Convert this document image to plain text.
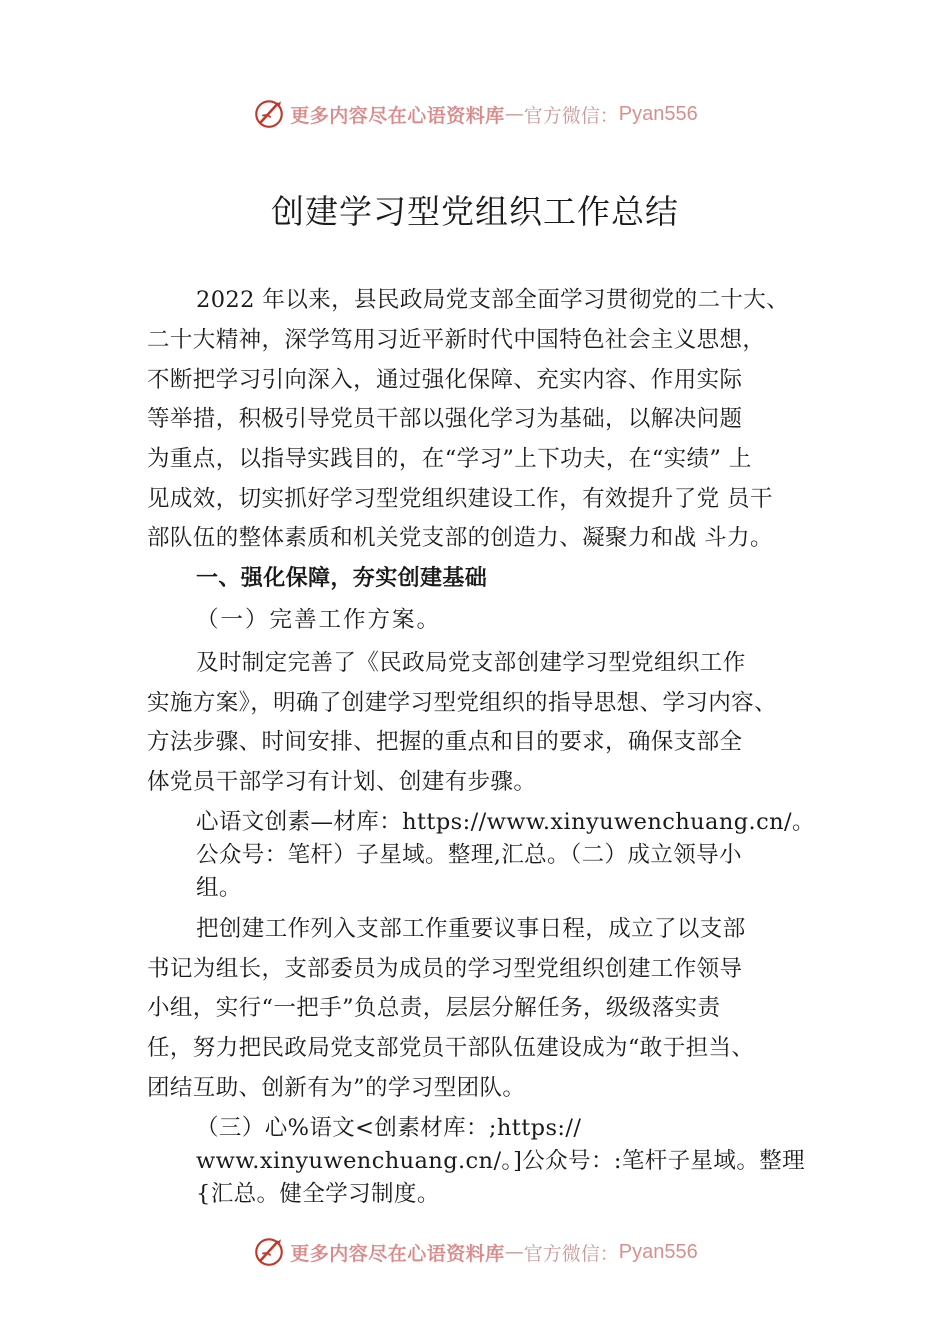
更多内容尽在心语资料库 — 官方微信： Pyan556
创建学习型党组织工作总结
2022 年以来，县民政局党支部全面学习贯彻党的二十大、
二十大精神，深学笃用习近平新时代中国特色社会主义思想，
不断把学习引向深入，通过强化保障、充实内容、作用实际
等举措，积极引导党员干部以强化学习为基础，以解决问题
为重点，以指导实践目的，在“学习”上下功夫，在“实绩” 上
见成效，切实抓好学习型党组织建设工作，有效提升了党 员干
部队伍的整体素质和机关党支部的创造力、凝聚力和战 斗力。
一、强化保障，夯实创建基础
（一）完善工作方案。
及时制定完善了《民政局党支部创建学习型党组织工作
实施方案》，明确了创建学习型党组织的指导思想、学习内容、
方法步骤、时间安排、把握的重点和目的要求，确保支部全
体党员干部学习有计划、创建有步骤。
心语文创素—材库：https://www.xinyuwenchuang.cn/。
公众号：笔杆）子星域。整理,汇总。（二）成立领导小
组。
把创建工作列入支部工作重要议事日程，成立了以支部
书记为组长，支部委员为成员的学习型党组织创建工作领导
小组，实行“一把手”负总责，层层分解任务，级级落实责
任，努力把民政局党支部党员干部队伍建设成为“敢于担当、
团结互助、创新有为”的学习型团队。
（三）心%语文<创素材库：;https://
www.xinyuwenchuang.cn/。]公众号：:笔杆子星域。整理
{汇总。健全学习制度。
更多内容尽在心语资料库 — 官方微信： Pyan556
